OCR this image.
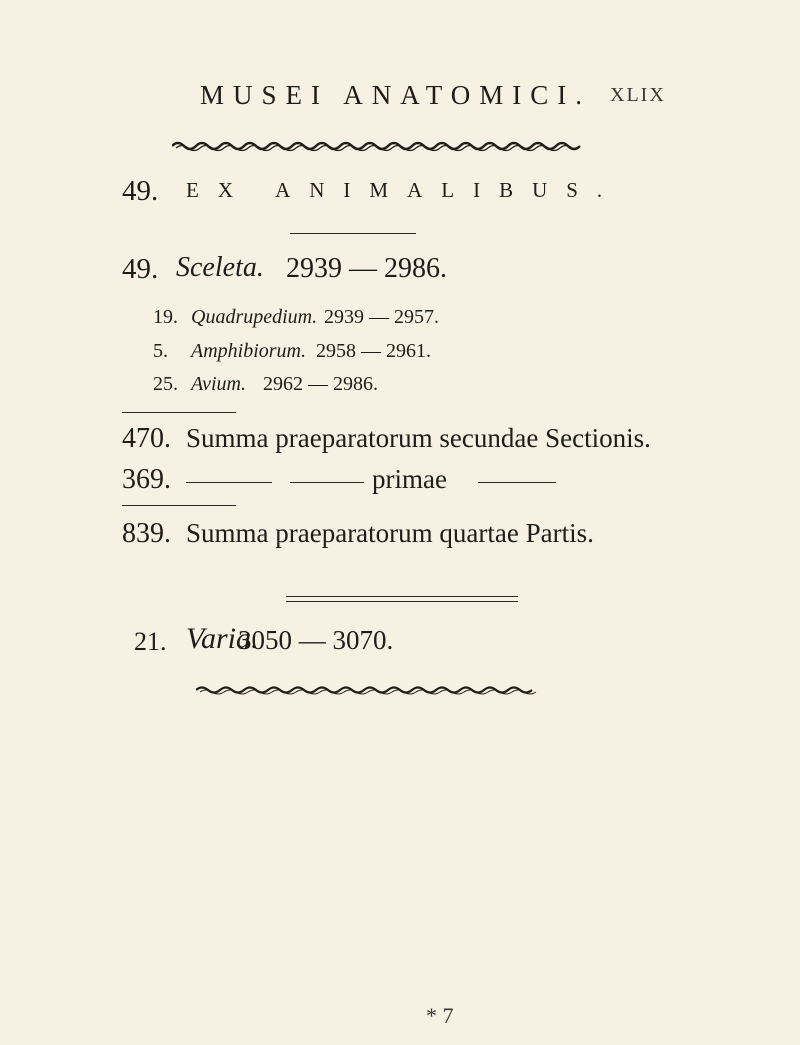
MUSEI ANATOMICI. XLIX
49. EX ANIMALIBUS.
49. Sceleta. 2939 — 2986.
19. Quadrupedium. 2939 — 2957.
5. Amphibiorum. 2958 — 2961.
25. Avium. 2962 — 2986.
470. Summa praeparatorum secundae Sectionis.
369.	primae
839. Summa praeparatorum quartae Partis.
21. Varia.
3050 — 3070.
* 7
